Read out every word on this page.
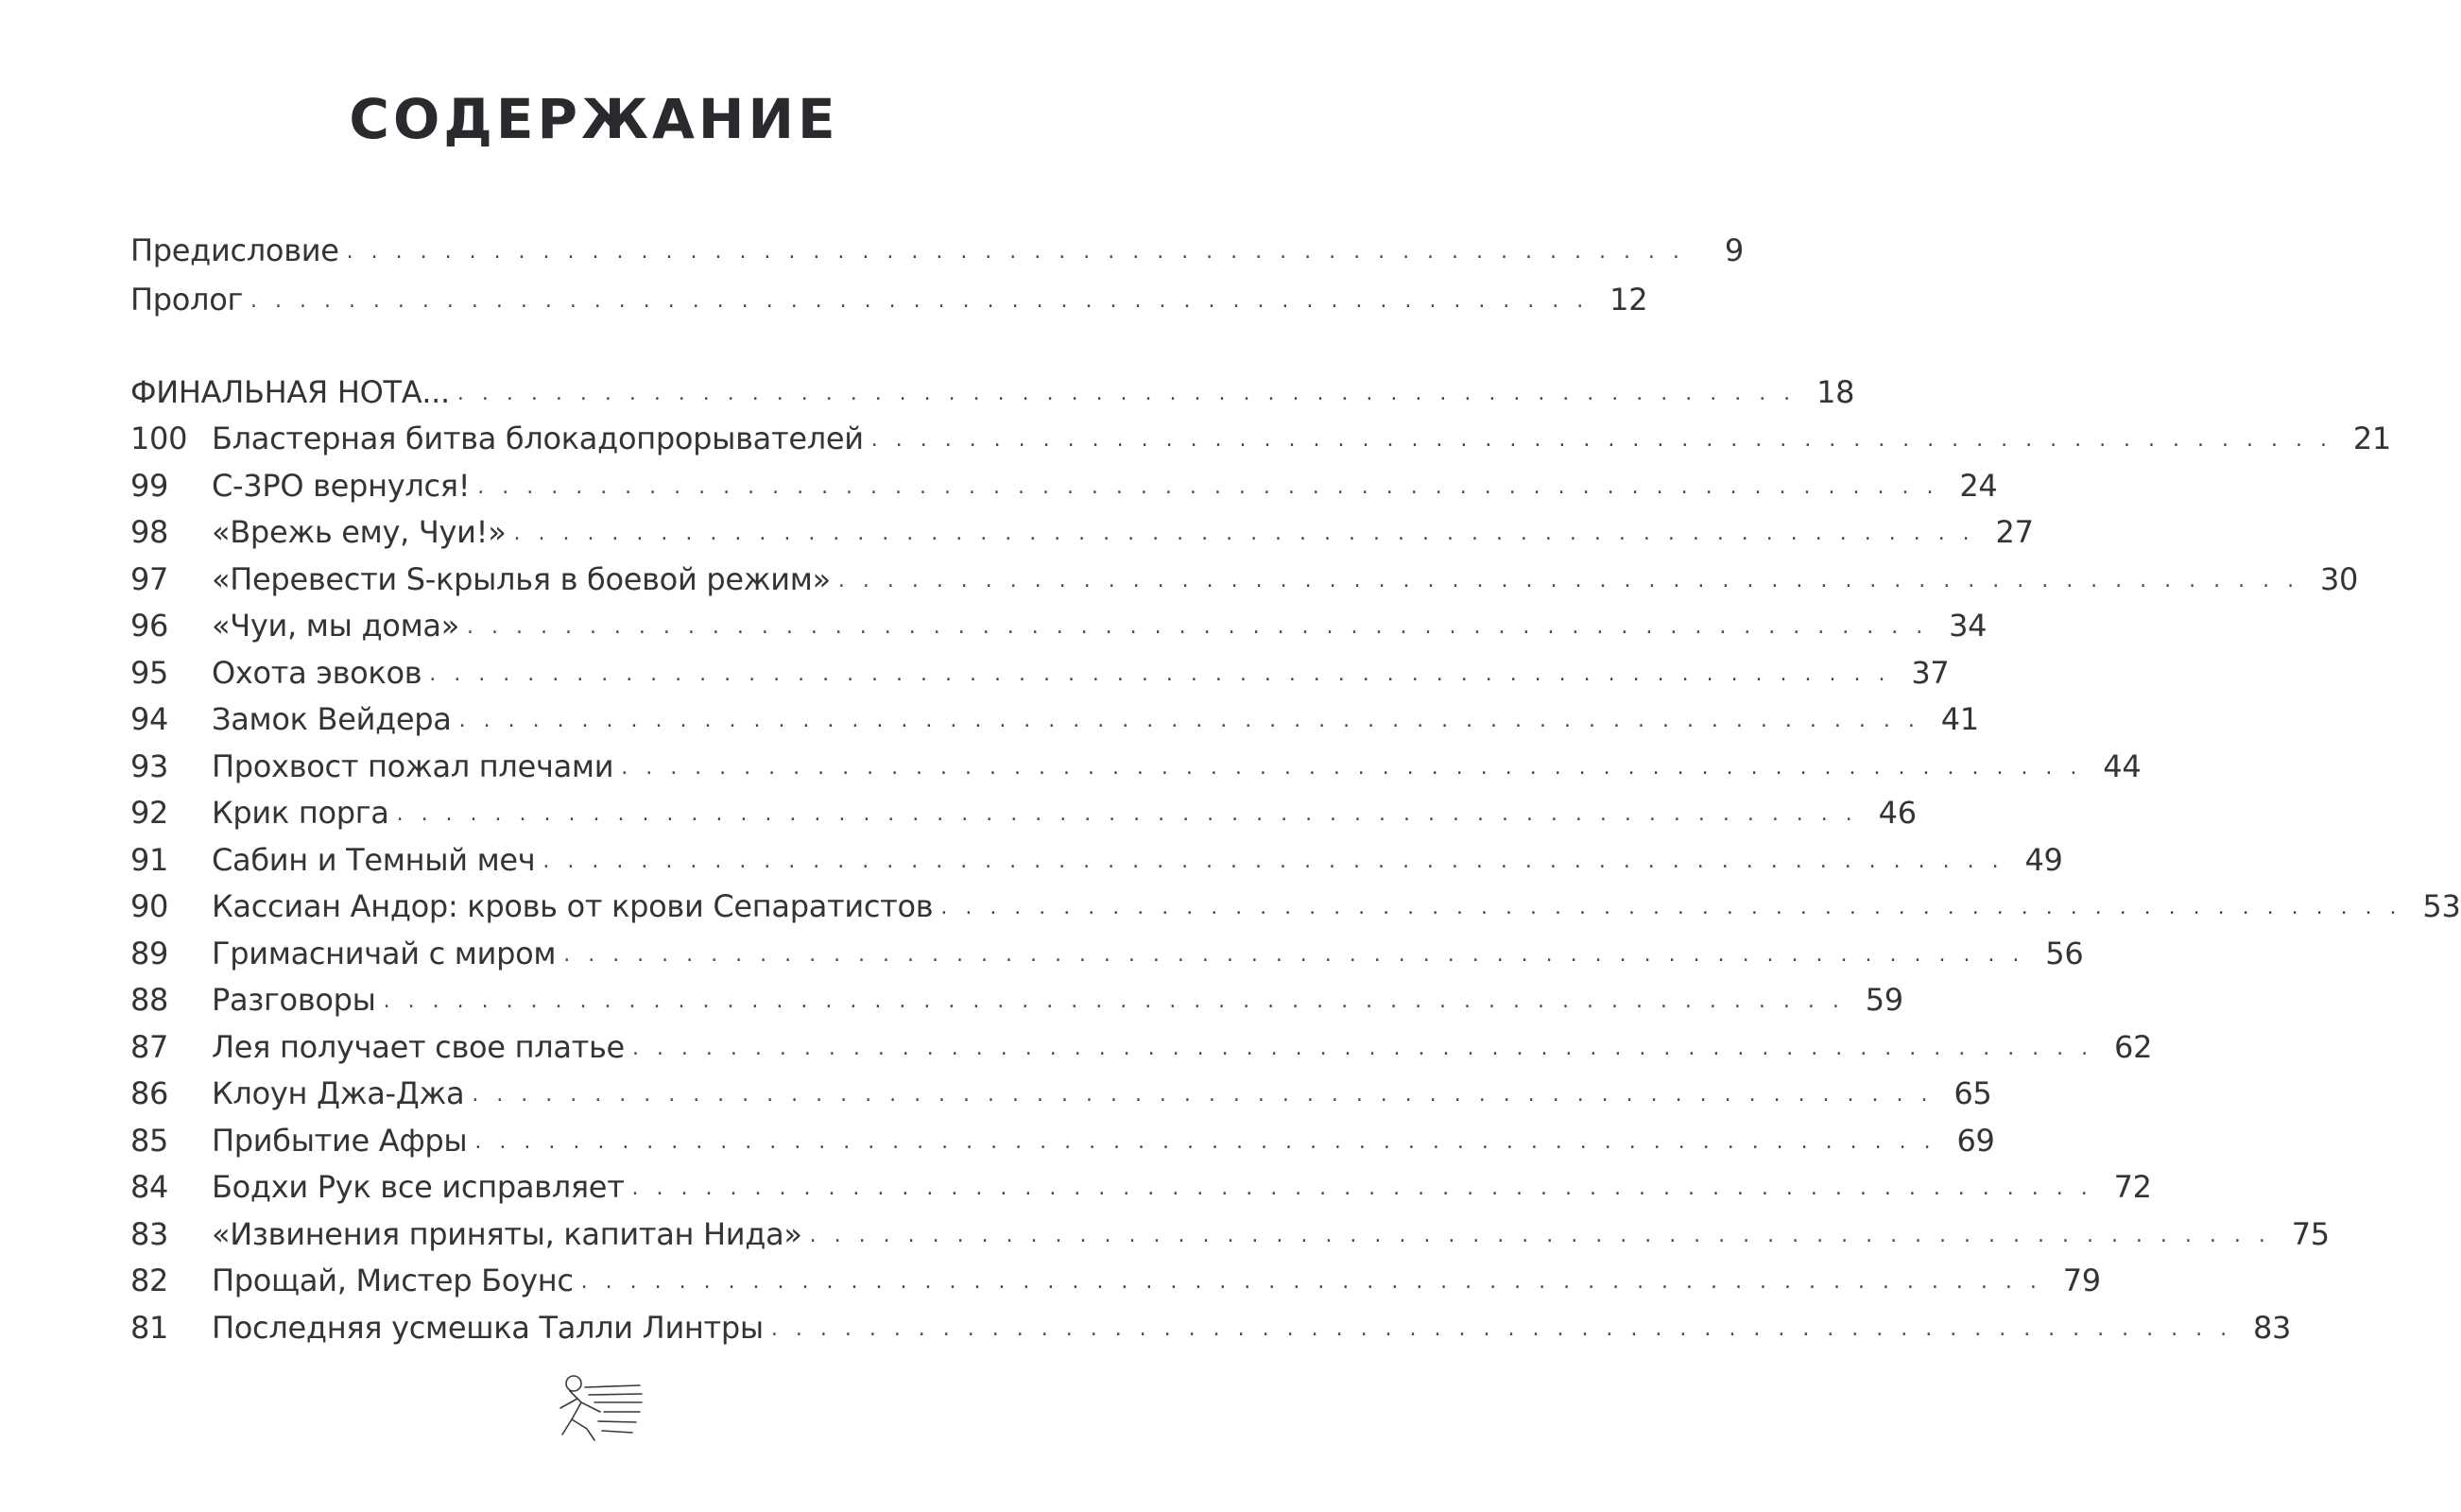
СОДЕРЖАНИЕ
Предисловие . . . . . . . . . . . . . . . . . . . . . . . . . . . . . . . . . . . . . . . . . . . . . . . . . . . . . . .	9
Пролог . . . . . . . . . . . . . . . . . . . . . . . . . . . . . . . . . . . . . . . . . . . . . . . . . . . . . . . 12
ФИНАЛЬНАЯ НОТА... . . . . . . . . . . . . . . . . . . . . . . . . . . . . . . . . . . . . . . . . . . . . . . . . . . . . . . . 18
100 Бластерная битва блокадопрорывателей . . . . . . . . . . . . . . . . . . . . . . . . . . . . . . . . . . . . . . . . . . . . . . . . . . . . . . . . . . . . 21
99	С-3РО вернулся! . . . . . . . . . . . . . . . . . . . . . . . . . . . . . . . . . . . . . . . . . . . . . . . . . . . . . . . . . . . . 24
98	«Врежь ему, Чуи!» . . . . . . . . . . . . . . . . . . . . . . . . . . . . . . . . . . . . . . . . . . . . . . . . . . . . . . . . . . . . 27
97	«Перевести S-крылья в боевой режим» . . . . . . . . . . . . . . . . . . . . . . . . . . . . . . . . . . . . . . . . . . . . . . . . . . . . . . . . . . . . 30
96	«Чуи, мы дома» . . . . . . . . . . . . . . . . . . . . . . . . . . . . . . . . . . . . . . . . . . . . . . . . . . . . . . . . . . . . 34
95	Охота эвоков . . . . . . . . . . . . . . . . . . . . . . . . . . . . . . . . . . . . . . . . . . . . . . . . . . . . . . . . . . . . 37
94	Замок Вейдера . . . . . . . . . . . . . . . . . . . . . . . . . . . . . . . . . . . . . . . . . . . . . . . . . . . . . . . . . . . . 41
93	Прохвост пожал плечами . . . . . . . . . . . . . . . . . . . . . . . . . . . . . . . . . . . . . . . . . . . . . . . . . . . . . . . . . . . . 44
92	Крик порга . . . . . . . . . . . . . . . . . . . . . . . . . . . . . . . . . . . . . . . . . . . . . . . . . . . . . . . . . . . . 46
91	Сабин и Темный меч . . . . . . . . . . . . . . . . . . . . . . . . . . . . . . . . . . . . . . . . . . . . . . . . . . . . . . . . . . . . 49
90	Кассиан Андор: кровь от крови Сепаратистов . . . . . . . . . . . . . . . . . . . . . . . . . . . . . . . . . . . . . . . . . . . . . . . . . . . . . . . . . . . . 53
89	Гримасничай с миром . . . . . . . . . . . . . . . . . . . . . . . . . . . . . . . . . . . . . . . . . . . . . . . . . . . . . . . . . . . . 56
88	Разговоры . . . . . . . . . . . . . . . . . . . . . . . . . . . . . . . . . . . . . . . . . . . . . . . . . . . . . . . . . . . . 59
87	Лея получает свое платье . . . . . . . . . . . . . . . . . . . . . . . . . . . . . . . . . . . . . . . . . . . . . . . . . . . . . . . . . . . . 62
86	Клоун Джа-Джа . . . . . . . . . . . . . . . . . . . . . . . . . . . . . . . . . . . . . . . . . . . . . . . . . . . . . . . . . . . . 65
85	Прибытие Афры . . . . . . . . . . . . . . . . . . . . . . . . . . . . . . . . . . . . . . . . . . . . . . . . . . . . . . . . . . . . 69
84	Бодхи Рук все исправляет . . . . . . . . . . . . . . . . . . . . . . . . . . . . . . . . . . . . . . . . . . . . . . . . . . . . . . . . . . . . 72
83	«Извинения приняты, капитан Нида» . . . . . . . . . . . . . . . . . . . . . . . . . . . . . . . . . . . . . . . . . . . . . . . . . . . . . . . . . . . . 75
82	Прощай, Мистер Боунс . . . . . . . . . . . . . . . . . . . . . . . . . . . . . . . . . . . . . . . . . . . . . . . . . . . . . . . . . . . . 79
81	Последняя усмешка Талли Линтры . . . . . . . . . . . . . . . . . . . . . . . . . . . . . . . . . . . . . . . . . . . . . . . . . . . . . . . . . . . . 83
